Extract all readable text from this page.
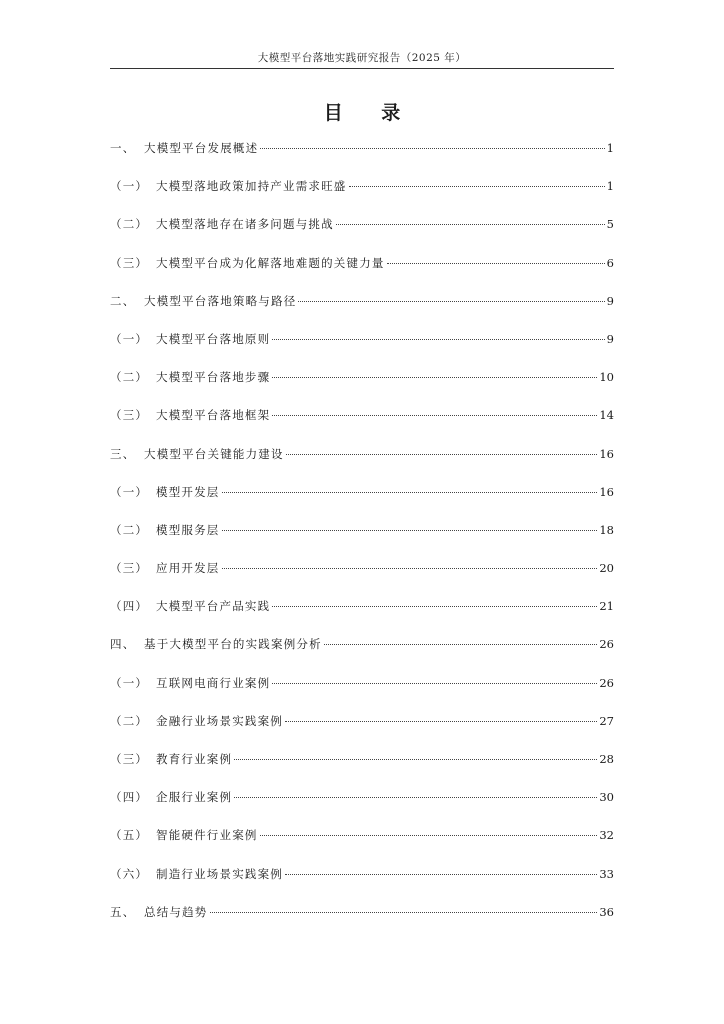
大模型平台落地实践研究报告（2025 年）
目 录
一、 大模型平台发展概述	1
（一） 大模型落地政策加持产业需求旺盛	1
（二） 大模型落地存在诸多问题与挑战	5
（三） 大模型平台成为化解落地难题的关键力量	6
二、 大模型平台落地策略与路径	9
（一） 大模型平台落地原则	9
（二） 大模型平台落地步骤	10
（三） 大模型平台落地框架	14
三、 大模型平台关键能力建设	16
（一） 模型开发层	16
（二） 模型服务层	18
（三） 应用开发层	20
（四） 大模型平台产品实践	21
四、 基于大模型平台的实践案例分析	26
（一） 互联网电商行业案例	26
（二） 金融行业场景实践案例	27
（三） 教育行业案例	28
（四） 企服行业案例	30
（五） 智能硬件行业案例	32
（六） 制造行业场景实践案例	33
五、 总结与趋势	36
